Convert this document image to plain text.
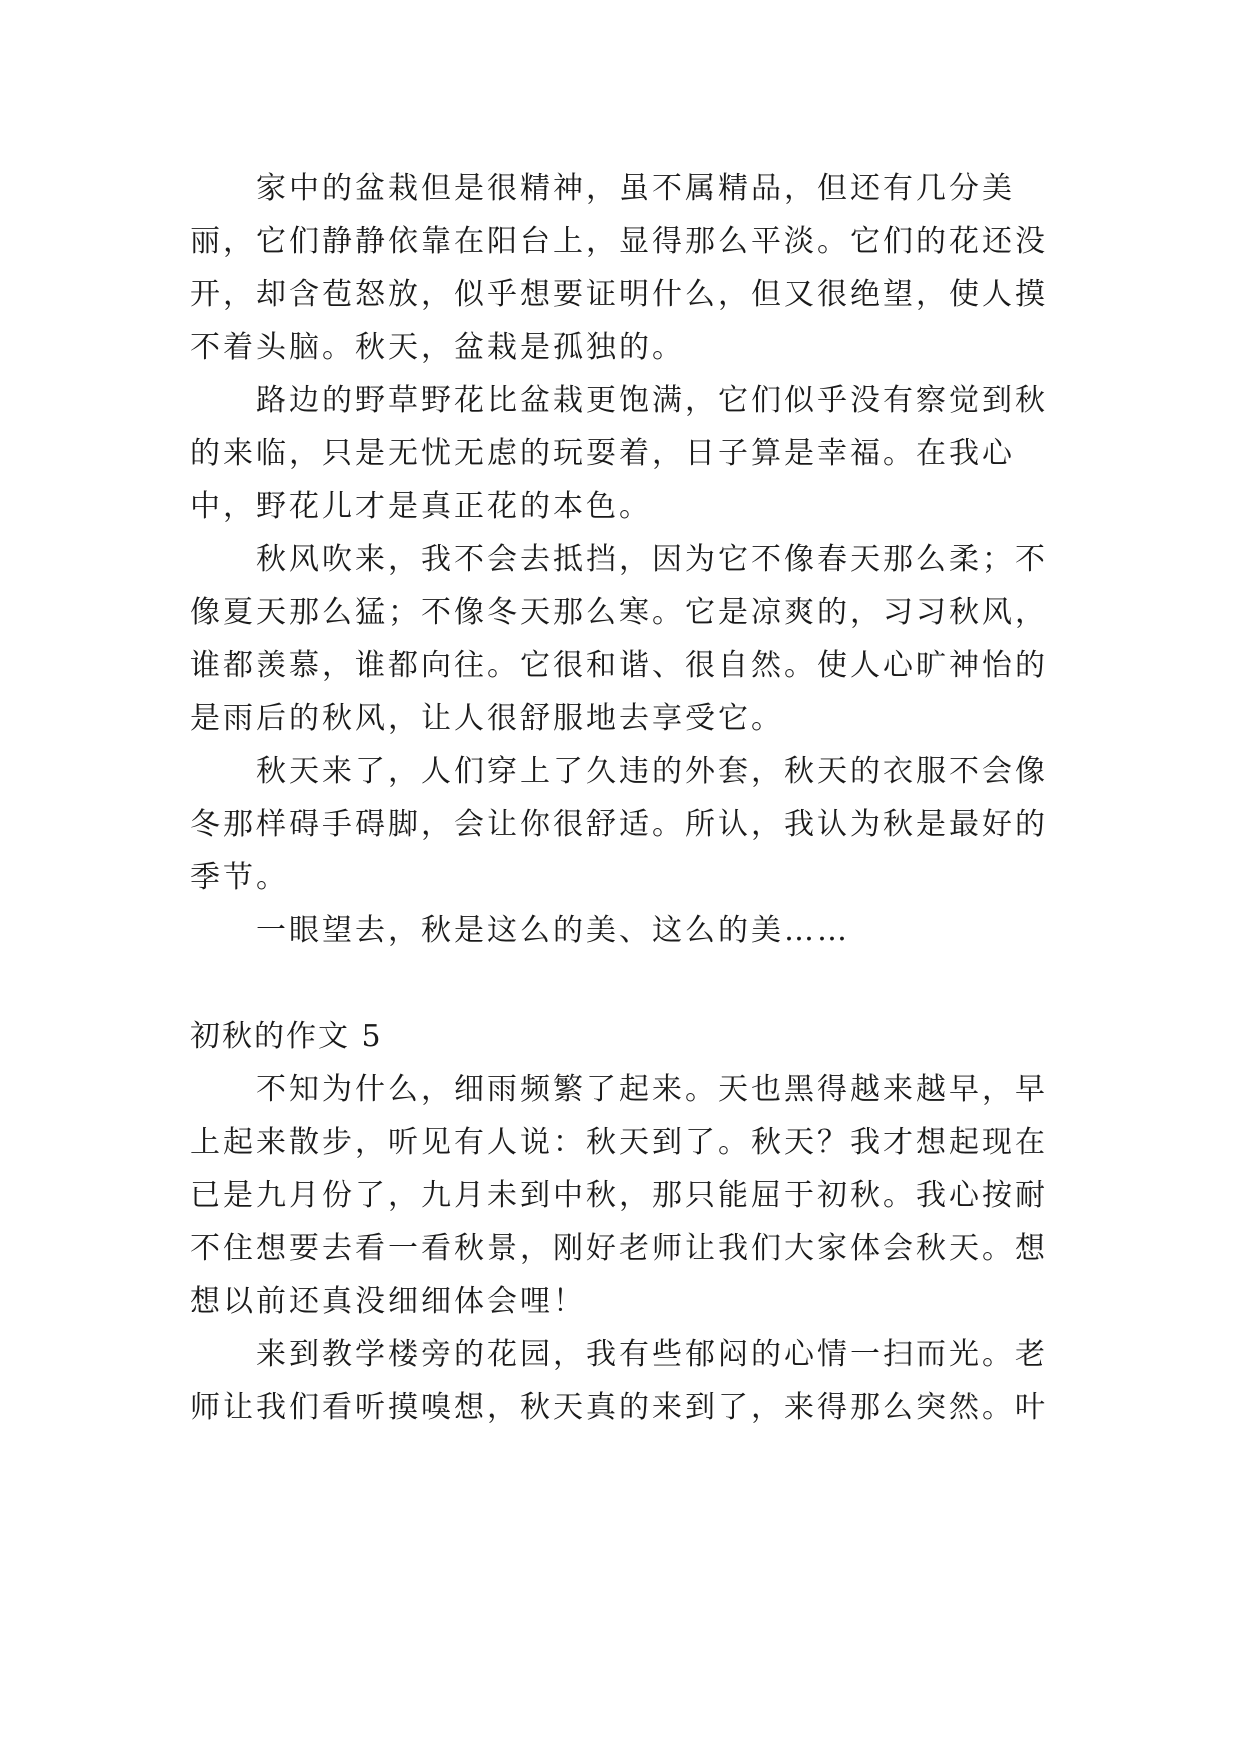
家中的盆栽但是很精神，虽不属精品，但还有几分美丽，它们静静依靠在阳台上，显得那么平淡。它们的花还没开，却含苞怒放，似乎想要证明什么，但又很绝望，使人摸不着头脑。秋天，盆栽是孤独的。

路边的野草野花比盆栽更饱满，它们似乎没有察觉到秋的来临，只是无忧无虑的玩耍着，日子算是幸福。在我心中，野花儿才是真正花的本色。

秋风吹来，我不会去抵挡，因为它不像春天那么柔；不像夏天那么猛；不像冬天那么寒。它是凉爽的，习习秋风，谁都羡慕，谁都向往。它很和谐、很自然。使人心旷神怡的是雨后的秋风，让人很舒服地去享受它。

秋天来了，人们穿上了久违的外套，秋天的衣服不会像冬那样碍手碍脚，会让你很舒适。所认，我认为秋是最好的季节。

一眼望去，秋是这么的美、这么的美……

初秋的作文 5

不知为什么，细雨频繁了起来。天也黑得越来越早，早上起来散步，听见有人说：秋天到了。秋天？我才想起现在已是九月份了，九月未到中秋，那只能屈于初秋。我心按耐不住想要去看一看秋景，刚好老师让我们大家体会秋天。想想以前还真没细细体会哩！

来到教学楼旁的花园，我有些郁闷的心情一扫而光。老师让我们看听摸嗅想，秋天真的来到了，来得那么突然。叶
